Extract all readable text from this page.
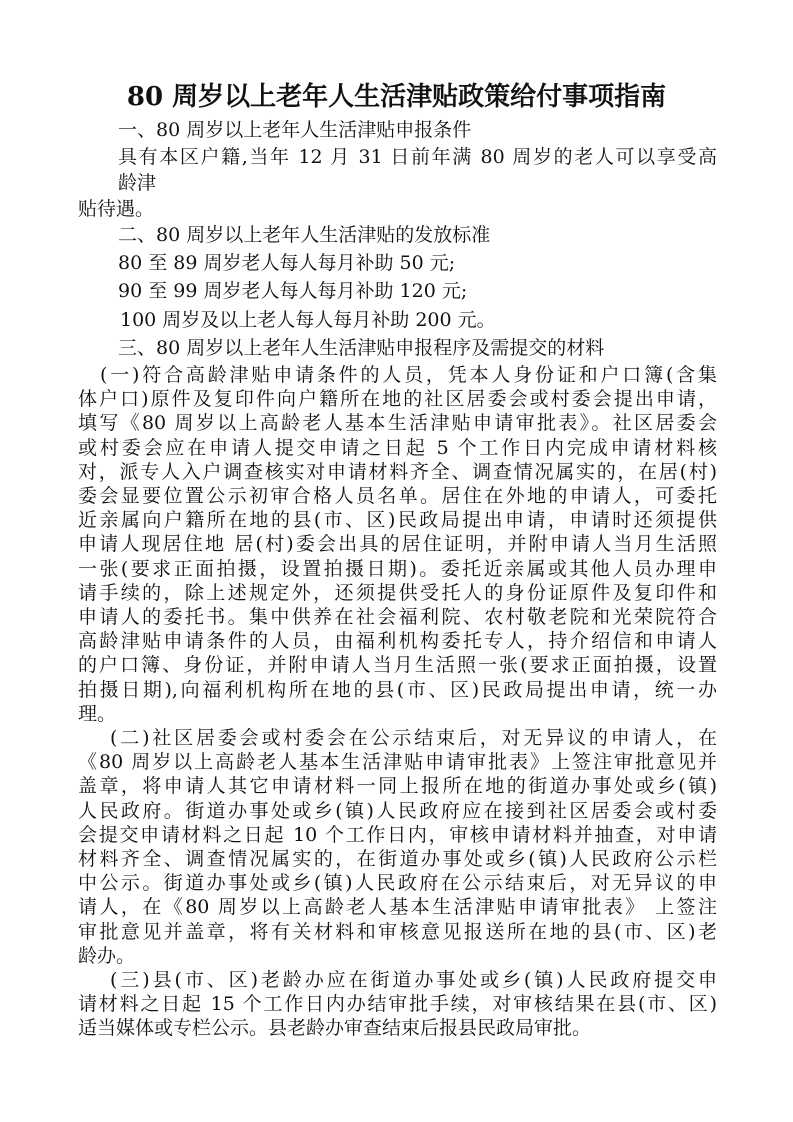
80 周岁以上老年人生活津贴政策给付事项指南
一、80 周岁以上老年人生活津贴申报条件
具有本区户籍,当年 12 月 31 日前年满 80 周岁的老人可以享受高
龄津
贴待遇。
二、80 周岁以上老年人生活津贴的发放标准
80 至 89 周岁老人每人每月补助 50 元;
90 至 99 周岁老人每人每月补助 120 元;
100 周岁及以上老人每人每月补助 200 元。
三、80 周岁以上老年人生活津贴申报程序及需提交的材料
(一)符合高龄津贴申请条件的人员，凭本人身份证和户口簿(含集
体户口)原件及复印件向户籍所在地的社区居委会或村委会提出申请，
填写《80 周岁以上高龄老人基本生活津贴申请审批表》。社区居委会
或村委会应在申请人提交申请之日起 5 个工作日内完成申请材料核
对，派专人入户调查核实对申请材料齐全、调查情况属实的，在居(村)
委会显要位置公示初审合格人员名单。居住在外地的申请人，可委托
近亲属向户籍所在地的县(市、区)民政局提出申请，申请时还须提供
申请人现居住地 居(村)委会出具的居住证明，并附申请人当月生活照
一张(要求正面拍摄，设置拍摄日期)。委托近亲属或其他人员办理申
请手续的，除上述规定外，还须提供受托人的身份证原件及复印件和
申请人的委托书。集中供养在社会福利院、农村敬老院和光荣院符合
高龄津贴申请条件的人员，由福利机构委托专人，持介绍信和申请人
的户口簿、身份证，并附申请人当月生活照一张(要求正面拍摄，设置
拍摄日期),向福利机构所在地的县(市、区)民政局提出申请，统一办
理。
(二)社区居委会或村委会在公示结束后，对无异议的申请人，在
《80 周岁以上高龄老人基本生活津贴申请审批表》上签注审批意见并
盖章，将申请人其它申请材料一同上报所在地的街道办事处或乡(镇)
人民政府。街道办事处或乡(镇)人民政府应在接到社区居委会或村委
会提交申请材料之日起 10 个工作日内，审核申请材料并抽查，对申请
材料齐全、调查情况属实的，在街道办事处或乡(镇)人民政府公示栏
中公示。街道办事处或乡(镇)人民政府在公示结束后，对无异议的申
请人，在《80 周岁以上高龄老人基本生活津贴申请审批表》 上签注
审批意见并盖章，将有关材料和审核意见报送所在地的县(市、区)老
龄办。
(三)县(市、区)老龄办应在街道办事处或乡(镇)人民政府提交申
请材料之日起 15 个工作日内办结审批手续，对审核结果在县(市、区)
适当媒体或专栏公示。县老龄办审查结束后报县民政局审批。
